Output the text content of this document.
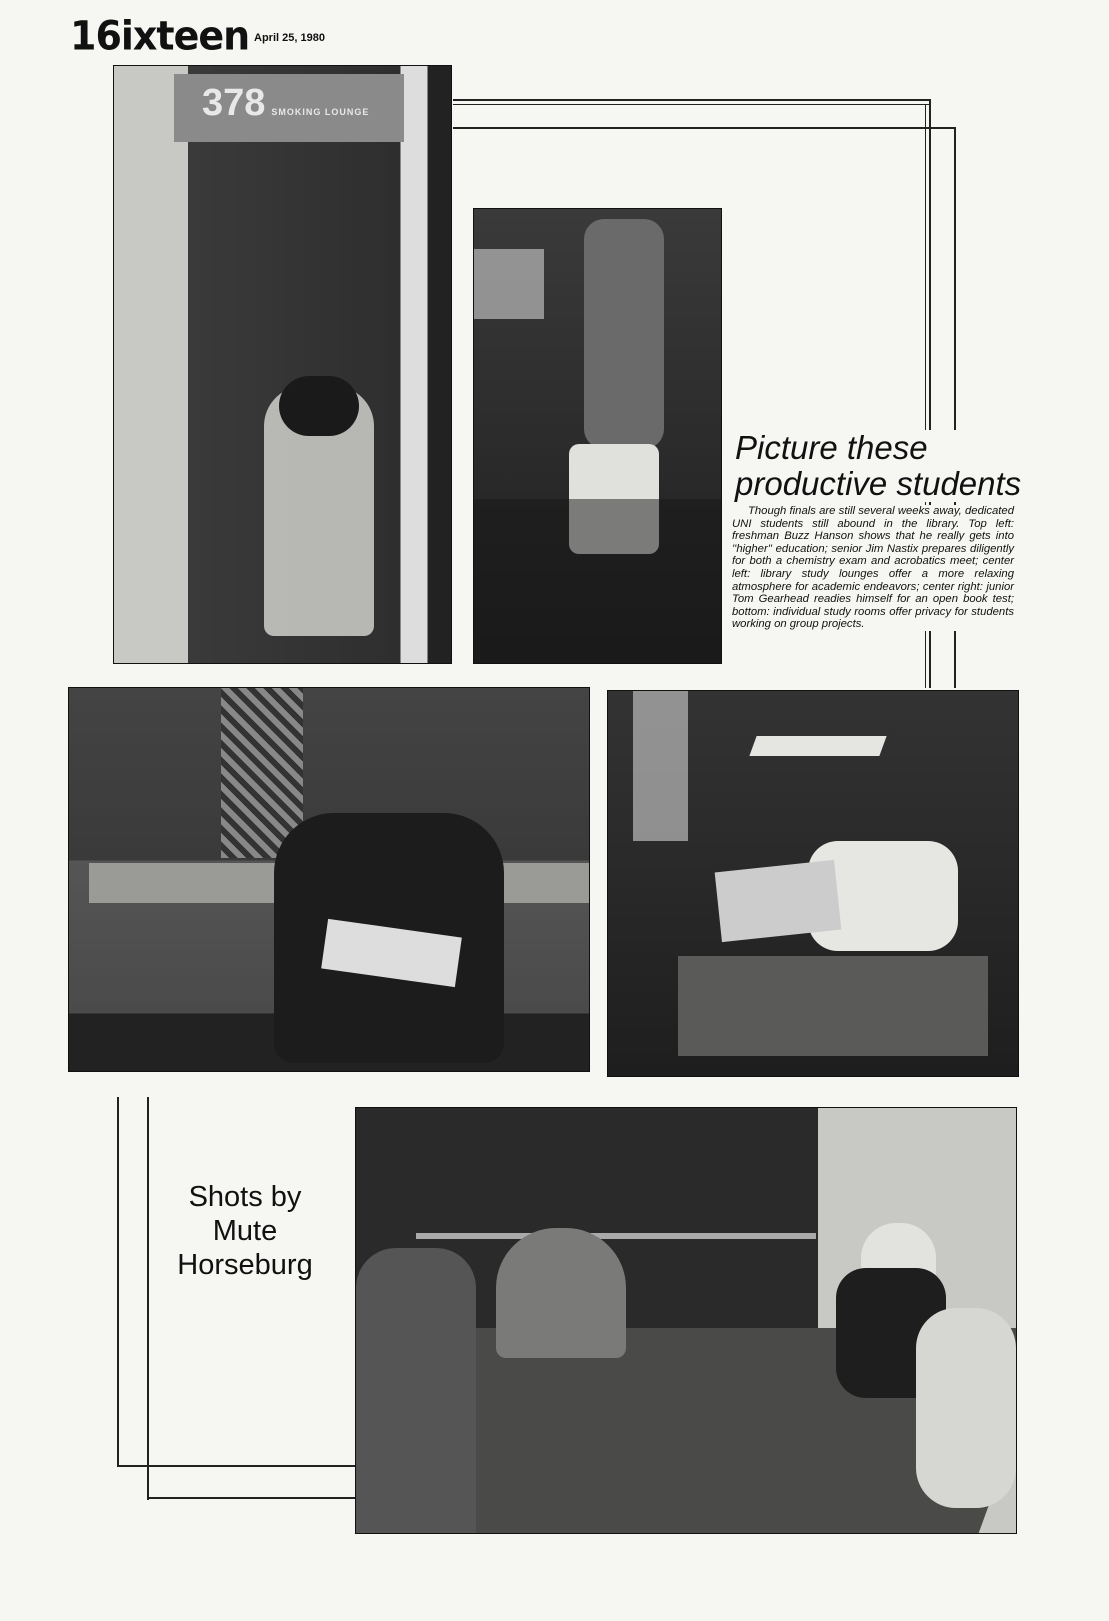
16ixteen April 25, 1980
378 SMOKING LOUNGE
Picture these
productive students
Though finals are still several weeks away, dedicated UNI students still abound in the library. Top left: freshman Buzz Hanson shows that he really gets into ''higher'' education; senior Jim Nastix prepares diligently for both a chemistry exam and acrobatics meet; center left: library study lounges offer a more relaxing atmosphere for academic endeavors; center right: junior Tom Gearhead readies himself for an open book test; bottom: individual study rooms offer privacy for students working on group projects.
Shots by
Mute
Horseburg
